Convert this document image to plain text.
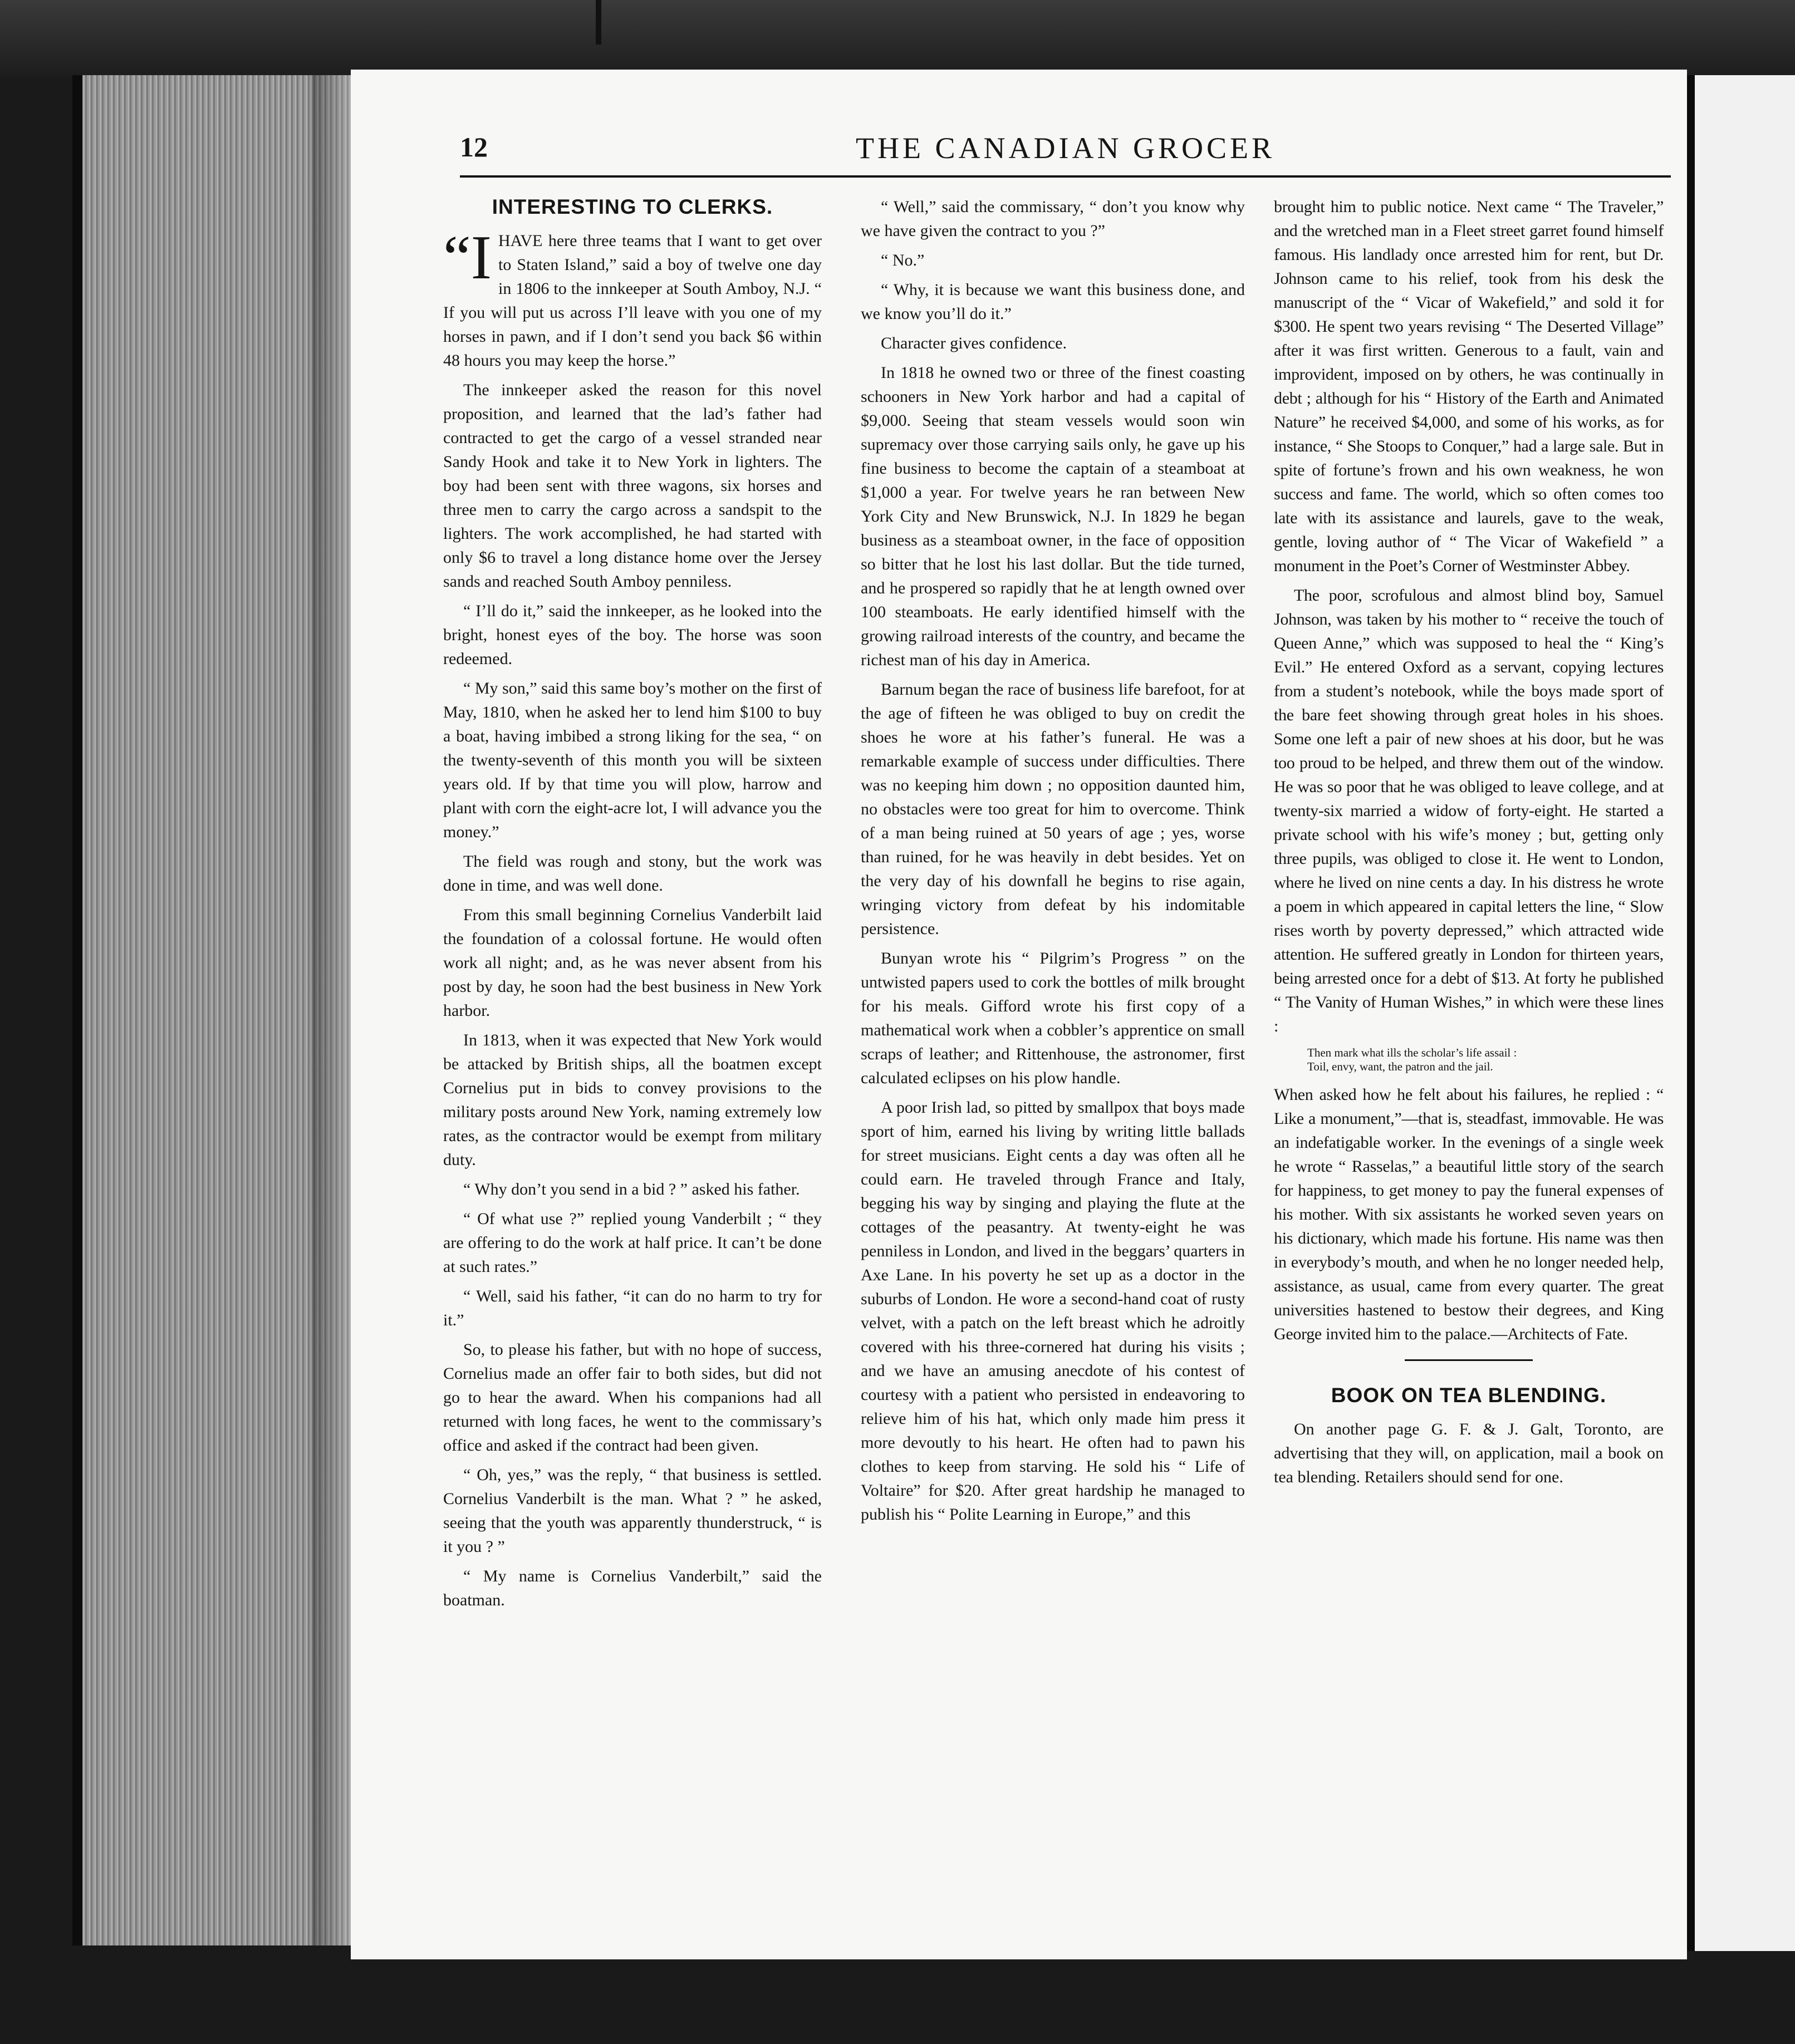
12	THE CANADIAN GROCER
INTERESTING TO CLERKS.

“I HAVE here three teams that I want to get over to Staten Island,” said a boy of twelve one day in 1806 to the innkeeper at South Amboy, N.J. “ If you will put us across I’ll leave with you one of my horses in pawn, and if I don’t send you back $6 within 48 hours you may keep the horse.”

The innkeeper asked the reason for this novel proposition, and learned that the lad’s father had contracted to get the cargo of a vessel stranded near Sandy Hook and take it to New York in lighters. The boy had been sent with three wagons, six horses and three men to carry the cargo across a sandspit to the lighters. The work accomplished, he had started with only $6 to travel a long distance home over the Jersey sands and reached South Amboy penniless.

“ I’ll do it,” said the innkeeper, as he looked into the bright, honest eyes of the boy. The horse was soon redeemed.

“ My son,” said this same boy’s mother on the first of May, 1810, when he asked her to lend him $100 to buy a boat, having imbibed a strong liking for the sea, “ on the twenty-seventh of this month you will be sixteen years old. If by that time you will plow, harrow and plant with corn the eight-acre lot, I will advance you the money.”

The field was rough and stony, but the work was done in time, and was well done.

From this small beginning Cornelius Vanderbilt laid the foundation of a colossal fortune. He would often work all night; and, as he was never absent from his post by day, he soon had the best business in New York harbor.

In 1813, when it was expected that New York would be attacked by British ships, all the boatmen except Cornelius put in bids to convey provisions to the military posts around New York, naming extremely low rates, as the contractor would be exempt from military duty.

“ Why don’t you send in a bid ? ” asked his father.

“ Of what use ?” replied young Vanderbilt ; “ they are offering to do the work at half price. It can’t be done at such rates.”

“ Well, said his father, “it can do no harm to try for it.”

So, to please his father, but with no hope of success, Cornelius made an offer fair to both sides, but did not go to hear the award. When his companions had all returned with long faces, he went to the commissary’s office and asked if the contract had been given.

“ Oh, yes,” was the reply, “ that business is settled. Cornelius Vanderbilt is the man. What ? ” he asked, seeing that the youth was apparently thunderstruck, “ is it you ? ”

“ My name is Cornelius Vanderbilt,” said the boatman.

“ Well,” said the commissary, “ don’t you know why we have given the contract to you ?”

“ No.”

“ Why, it is because we want this business done, and we know you’ll do it.”

Character gives confidence.

In 1818 he owned two or three of the finest coasting schooners in New York harbor and had a capital of $9,000. Seeing that steam vessels would soon win supremacy over those carrying sails only, he gave up his fine business to become the captain of a steamboat at $1,000 a year. For twelve years he ran between New York City and New Brunswick, N.J. In 1829 he began business as a steamboat owner, in the face of opposition so bitter that he lost his last dollar. But the tide turned, and he prospered so rapidly that he at length owned over 100 steamboats. He early identified himself with the growing railroad interests of the country, and became the richest man of his day in America.

Barnum began the race of business life barefoot, for at the age of fifteen he was obliged to buy on credit the shoes he wore at his father’s funeral. He was a remarkable example of success under difficulties. There was no keeping him down ; no opposition daunted him, no obstacles were too great for him to overcome. Think of a man being ruined at 50 years of age ; yes, worse than ruined, for he was heavily in debt besides. Yet on the very day of his downfall he begins to rise again, wringing victory from defeat by his indomitable persistence.

Bunyan wrote his “ Pilgrim’s Progress ” on the untwisted papers used to cork the bottles of milk brought for his meals. Gifford wrote his first copy of a mathematical work when a cobbler’s apprentice on small scraps of leather; and Rittenhouse, the astronomer, first calculated eclipses on his plow handle.

A poor Irish lad, so pitted by smallpox that boys made sport of him, earned his living by writing little ballads for street musicians. Eight cents a day was often all he could earn. He traveled through France and Italy, begging his way by singing and playing the flute at the cottages of the peasantry. At twenty-eight he was penniless in London, and lived in the beggars’ quarters in Axe Lane. In his poverty he set up as a doctor in the suburbs of London. He wore a second-hand coat of rusty velvet, with a patch on the left breast which he adroitly covered with his three-cornered hat during his visits ; and we have an amusing anecdote of his contest of courtesy with a patient who persisted in endeavoring to relieve him of his hat, which only made him press it more devoutly to his heart. He often had to pawn his clothes to keep from starving. He sold his “ Life of Voltaire” for $20. After great hardship he managed to publish his “ Polite Learning in Europe,” and this

brought him to public notice. Next came “ The Traveler,” and the wretched man in a Fleet street garret found himself famous. His landlady once arrested him for rent, but Dr. Johnson came to his relief, took from his desk the manuscript of the “ Vicar of Wakefield,” and sold it for $300. He spent two years revising “ The Deserted Village” after it was first written. Generous to a fault, vain and improvident, imposed on by others, he was continually in debt ; although for his “ History of the Earth and Animated Nature” he received $4,000, and some of his works, as for instance, “ She Stoops to Conquer,” had a large sale. But in spite of fortune’s frown and his own weakness, he won success and fame. The world, which so often comes too late with its assistance and laurels, gave to the weak, gentle, loving author of “ The Vicar of Wakefield ” a monument in the Poet’s Corner of Westminster Abbey.

The poor, scrofulous and almost blind boy, Samuel Johnson, was taken by his mother to “ receive the touch of Queen Anne,” which was supposed to heal the “ King’s Evil.” He entered Oxford as a servant, copying lectures from a student’s notebook, while the boys made sport of the bare feet showing through great holes in his shoes. Some one left a pair of new shoes at his door, but he was too proud to be helped, and threw them out of the window. He was so poor that he was obliged to leave college, and at twenty-six married a widow of forty-eight. He started a private school with his wife’s money ; but, getting only three pupils, was obliged to close it. He went to London, where he lived on nine cents a day. In his distress he wrote a poem in which appeared in capital letters the line, “ Slow rises worth by poverty depressed,” which attracted wide attention. He suffered greatly in London for thirteen years, being arrested once for a debt of $13. At forty he published “ The Vanity of Human Wishes,” in which were these lines :

Then mark what ills the scholar’s life assail :
Toil, envy, want, the patron and the jail.

When asked how he felt about his failures, he replied : “ Like a monument,”—that is, steadfast, immovable. He was an indefatigable worker. In the evenings of a single week he wrote “ Rasselas,” a beautiful little story of the search for happiness, to get money to pay the funeral expenses of his mother. With six assistants he worked seven years on his dictionary, which made his fortune. His name was then in everybody’s mouth, and when he no longer needed help, assistance, as usual, came from every quarter. The great universities hastened to bestow their degrees, and King George invited him to the palace.—Architects of Fate.

BOOK ON TEA BLENDING.

On another page G. F. & J. Galt, Toronto, are advertising that they will, on application, mail a book on tea blending. Retailers should send for one.
